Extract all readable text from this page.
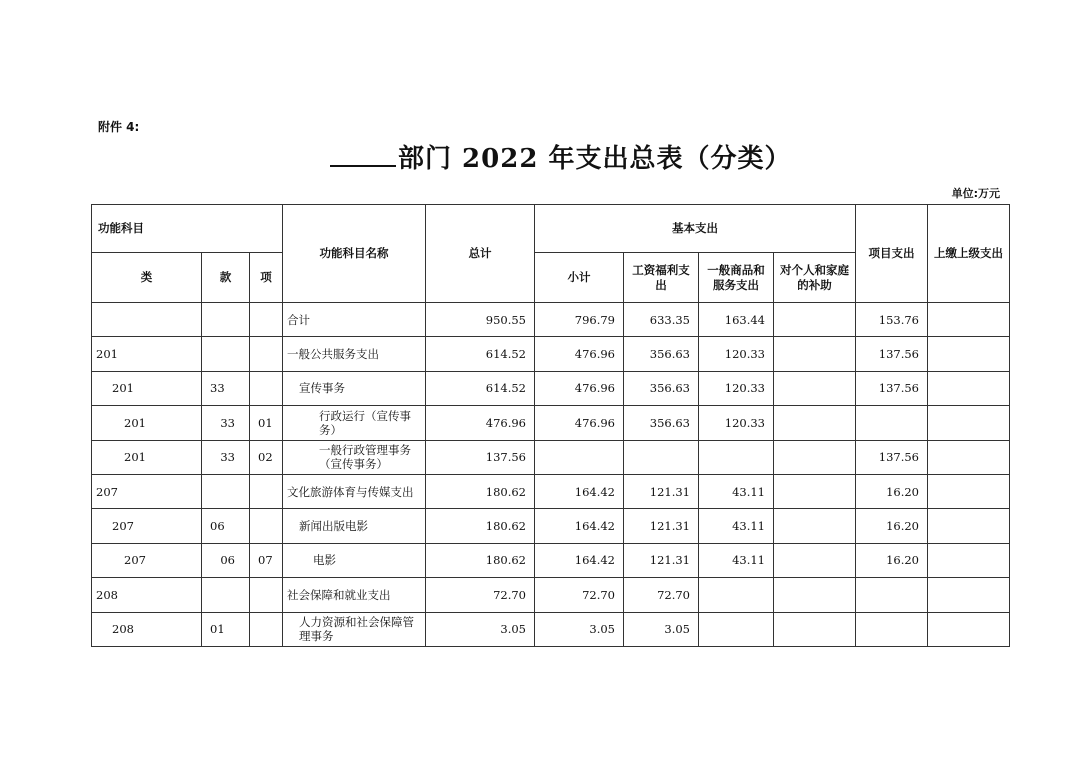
附件 4:
部门 2022 年支出总表（分类）
单位:万元
功能科目			功能科目名称	总计	基本支出				项目支出	上缴上级支出
类	款	项			小计	工资福利支出	一般商品和服务支出	对个人和家庭的补助		
			合计	950.55	796.79	633.35	163.44		153.76	
201			一般公共服务支出	614.52	476.96	356.63	120.33		137.56	
201	33		宣传事务	614.52	476.96	356.63	120.33		137.56	
201	33	01	行政运行（宣传事务）	476.96	476.96	356.63	120.33			
201	33	02	一般行政管理事务（宣传事务）	137.56					137.56	
207			文化旅游体育与传媒支出	180.62	164.42	121.31	43.11		16.20	
207	06		新闻出版电影	180.62	164.42	121.31	43.11		16.20	
207	06	07	电影	180.62	164.42	121.31	43.11		16.20	
208			社会保障和就业支出	72.70	72.70	72.70				
208	01		人力资源和社会保障管理事务	3.05	3.05	3.05				
